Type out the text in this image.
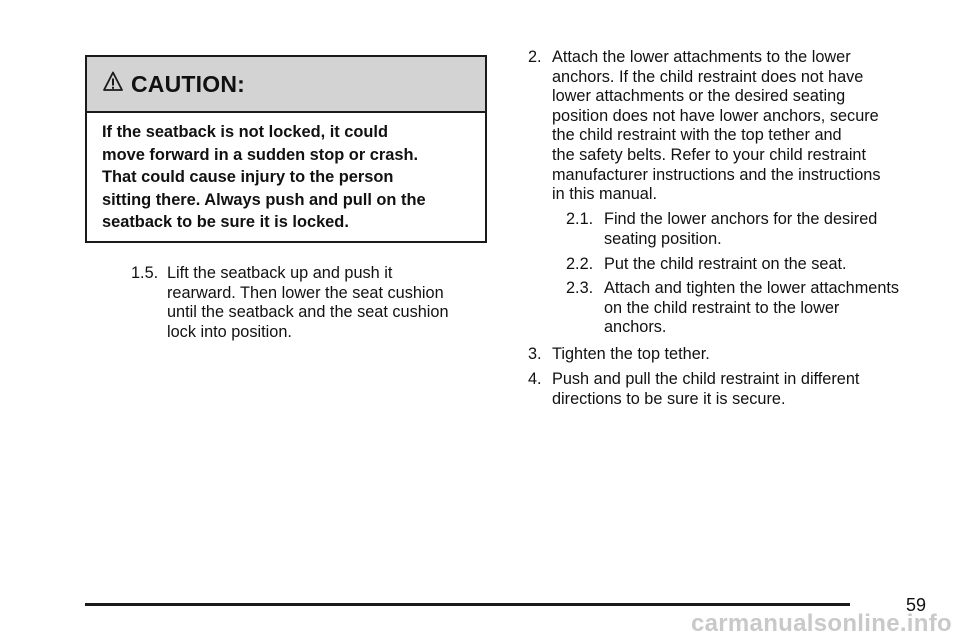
CAUTION:

If the seatback is not locked, it could

move forward in a sudden stop or crash.

That could cause injury to the person

sitting there. Always push and pull on the

seatback to be sure it is locked.

1.5. Lift the seatback up and push it

rearward. Then lower the seat cushion

until the seatback and the seat cushion

lock into position.

2. Attach the lower attachments to the lower

anchors. If the child restraint does not have

lower attachments or the desired seating

position does not have lower anchors, secure

the child restraint with the top tether and

the safety belts. Refer to your child restraint

manufacturer instructions and the instructions

in this manual.

2.1. Find the lower anchors for the desired

seating position.

2.2. Put the child restraint on the seat.

2.3. Attach and tighten the lower attachments

on the child restraint to the lower

anchors.

3. Tighten the top tether.

4. Push and pull the child restraint in different

directions to be sure it is secure.

59
carmanualsonline.info
